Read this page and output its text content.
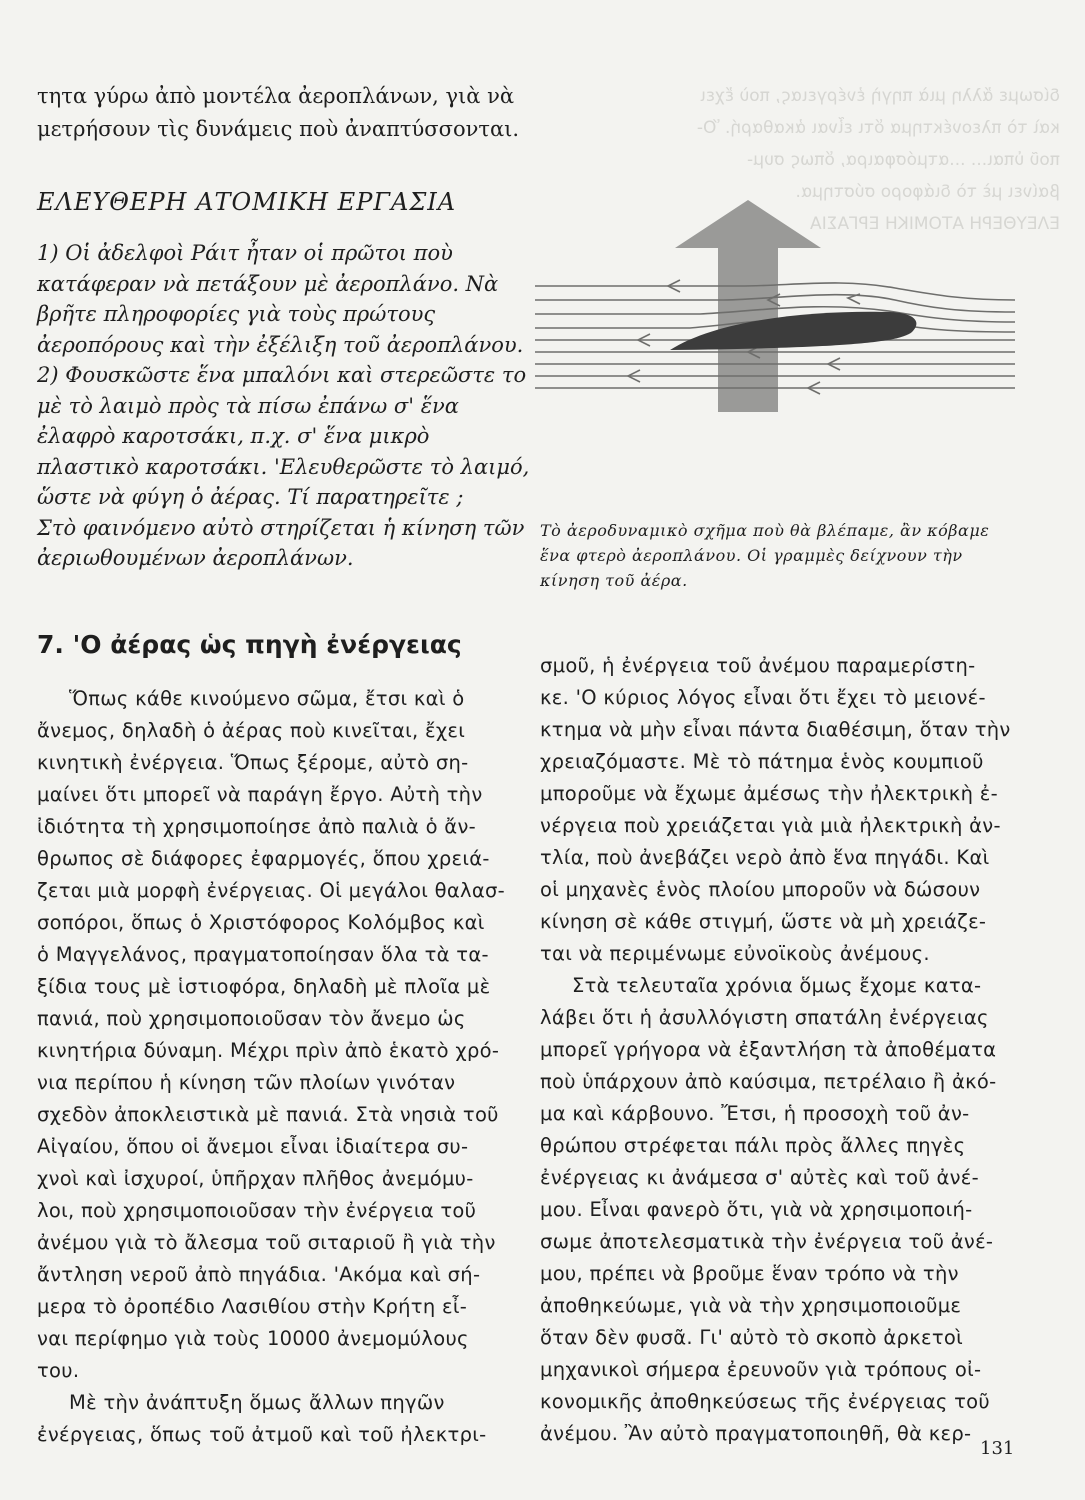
τητα γύρω ἀπὸ μοντέλα ἀεροπλάνων, γιὰ νὰ
μετρήσουν τὶς δυνάμεις ποὺ ἀναπτύσσονται.
ΕΛΕΥΘΕΡΗ ΑΤΟΜΙΚΗ ΕΡΓΑΣΙΑ
1) Οἱ ἀδελφοὶ Ράιτ ἦταν οἱ πρῶτοι ποὺ
κατάφεραν νὰ πετάξουν μὲ ἀεροπλάνο. Νὰ
βρῆτε πληροφορίες γιὰ τοὺς πρώτους
ἀεροπόρους καὶ τὴν ἐξέλιξη τοῦ ἀεροπλάνου.
2) Φουσκῶστε ἕνα μπαλόνι καὶ στερεῶστε το
μὲ τὸ λαιμὸ πρὸς τὰ πίσω ἐπάνω σ' ἕνα
ἐλαφρὸ καροτσάκι, π.χ. σ' ἕνα μικρὸ
πλαστικὸ καροτσάκι. 'Ελευθερῶστε τὸ λαιμό,
ὥστε νὰ φύγη ὁ ἀέρας. Τί παρατηρεῖτε ;
Στὸ φαινόμενο αὐτὸ στηρίζεται ἡ κίνηση τῶν
ἀεριωθουμένων ἀεροπλάνων.
δίσωμε ἄλλη μιὰ πηγὴ ἐνέργειας, ποὺ ἔχει
καὶ τὸ πλεονέκτημα ὅτι εἶναι ἀκαθαρή. Ὅ-
ποῦ ὑπαι... ...ατμόσφαιρα, ὅπως συμ-
βαίνει μὲ τὸ διάφορο σύστημα.
ΕΛΕΥΘΕΡΗ ΑΤΟΜΙΚΗ ΕΡΓΑΣΙΑ
Τὸ ἀεροδυναμικὸ σχῆμα ποὺ θὰ βλέπαμε, ἂν κόβαμε
ἕνα φτερὸ ἀεροπλάνου. Οἱ γραμμὲς δείχνουν τὴν
κίνηση τοῦ ἀέρα.
7. 'Ο ἀέρας ὡς πηγὴ ἐνέργειας
Ὅπως κάθε κινούμενο σῶμα, ἔτσι καὶ ὁ
ἄνεμος, δηλαδὴ ὁ ἀέρας ποὺ κινεῖται, ἔχει
κινητικὴ ἐνέργεια. Ὅπως ξέρομε, αὐτὸ ση-
μαίνει ὅτι μπορεῖ νὰ παράγη ἔργο. Αὐτὴ τὴν
ἰδιότητα τὴ χρησιμοποίησε ἀπὸ παλιὰ ὁ ἄν-
θρωπος σὲ διάφορες ἐφαρμογές, ὅπου χρειά-
ζεται μιὰ μορφὴ ἐνέργειας. Οἱ μεγάλοι θαλασ-
σοπόροι, ὅπως ὁ Χριστόφορος Κολόμβος καὶ
ὁ Μαγγελάνος, πραγματοποίησαν ὅλα τὰ τα-
ξίδια τους μὲ ἱστιοφόρα, δηλαδὴ μὲ πλοῖα μὲ
πανιά, ποὺ χρησιμοποιοῦσαν τὸν ἄνεμο ὡς
κινητήρια δύναμη. Μέχρι πρὶν ἀπὸ ἑκατὸ χρό-
νια περίπου ἡ κίνηση τῶν πλοίων γινόταν
σχεδὸν ἀποκλειστικὰ μὲ πανιά. Στὰ νησιὰ τοῦ
Αἰγαίου, ὅπου οἱ ἄνεμοι εἶναι ἰδιαίτερα συ-
χνοὶ καὶ ἰσχυροί, ὑπῆρχαν πλῆθος ἀνεμόμυ-
λοι, ποὺ χρησιμοποιοῦσαν τὴν ἐνέργεια τοῦ
ἀνέμου γιὰ τὸ ἄλεσμα τοῦ σιταριοῦ ἢ γιὰ τὴν
ἄντληση νεροῦ ἀπὸ πηγάδια. 'Ακόμα καὶ σή-
μερα τὸ ὀροπέδιο Λασιθίου στὴν Κρήτη εἶ-
ναι περίφημο γιὰ τοὺς 10000 ἀνεμομύλους
του.
Μὲ τὴν ἀνάπτυξη ὅμως ἄλλων πηγῶν
ἐνέργειας, ὅπως τοῦ ἀτμοῦ καὶ τοῦ ἠλεκτρι-
σμοῦ, ἡ ἐνέργεια τοῦ ἀνέμου παραμερίστη-
κε. 'Ο κύριος λόγος εἶναι ὅτι ἔχει τὸ μειονέ-
κτημα νὰ μὴν εἶναι πάντα διαθέσιμη, ὅταν τὴν
χρειαζόμαστε. Μὲ τὸ πάτημα ἑνὸς κουμπιοῦ
μποροῦμε νὰ ἔχωμε ἀμέσως τὴν ἠλεκτρικὴ ἐ-
νέργεια ποὺ χρειάζεται γιὰ μιὰ ἠλεκτρικὴ ἀν-
τλία, ποὺ ἀνεβάζει νερὸ ἀπὸ ἕνα πηγάδι. Καὶ
οἱ μηχανὲς ἑνὸς πλοίου μποροῦν νὰ δώσουν
κίνηση σὲ κάθε στιγμή, ὥστε νὰ μὴ χρειάζε-
ται νὰ περιμένωμε εὐνοϊκοὺς ἀνέμους.
Στὰ τελευταῖα χρόνια ὅμως ἔχομε κατα-
λάβει ὅτι ἡ ἀσυλλόγιστη σπατάλη ἐνέργειας
μπορεῖ γρήγορα νὰ ἐξαντλήση τὰ ἀποθέματα
ποὺ ὑπάρχουν ἀπὸ καύσιμα, πετρέλαιο ἢ ἀκό-
μα καὶ κάρβουνο. Ἔτσι, ἡ προσοχὴ τοῦ ἀν-
θρώπου στρέφεται πάλι πρὸς ἄλλες πηγὲς
ἐνέργειας κι ἀνάμεσα σ' αὐτὲς καὶ τοῦ ἀνέ-
μου. Εἶναι φανερὸ ὅτι, γιὰ νὰ χρησιμοποιή-
σωμε ἀποτελεσματικὰ τὴν ἐνέργεια τοῦ ἀνέ-
μου, πρέπει νὰ βροῦμε ἕναν τρόπο νὰ τὴν
ἀποθηκεύωμε, γιὰ νὰ τὴν χρησιμοποιοῦμε
ὅταν δὲν φυσᾶ. Γι' αὐτὸ τὸ σκοπὸ ἀρκετοὶ
μηχανικοὶ σήμερα ἐρευνοῦν γιὰ τρόπους οἰ-
κονομικῆς ἀποθηκεύσεως τῆς ἐνέργειας τοῦ
ἀνέμου. Ἂν αὐτὸ πραγματοποιηθῆ, θὰ κερ-
131
